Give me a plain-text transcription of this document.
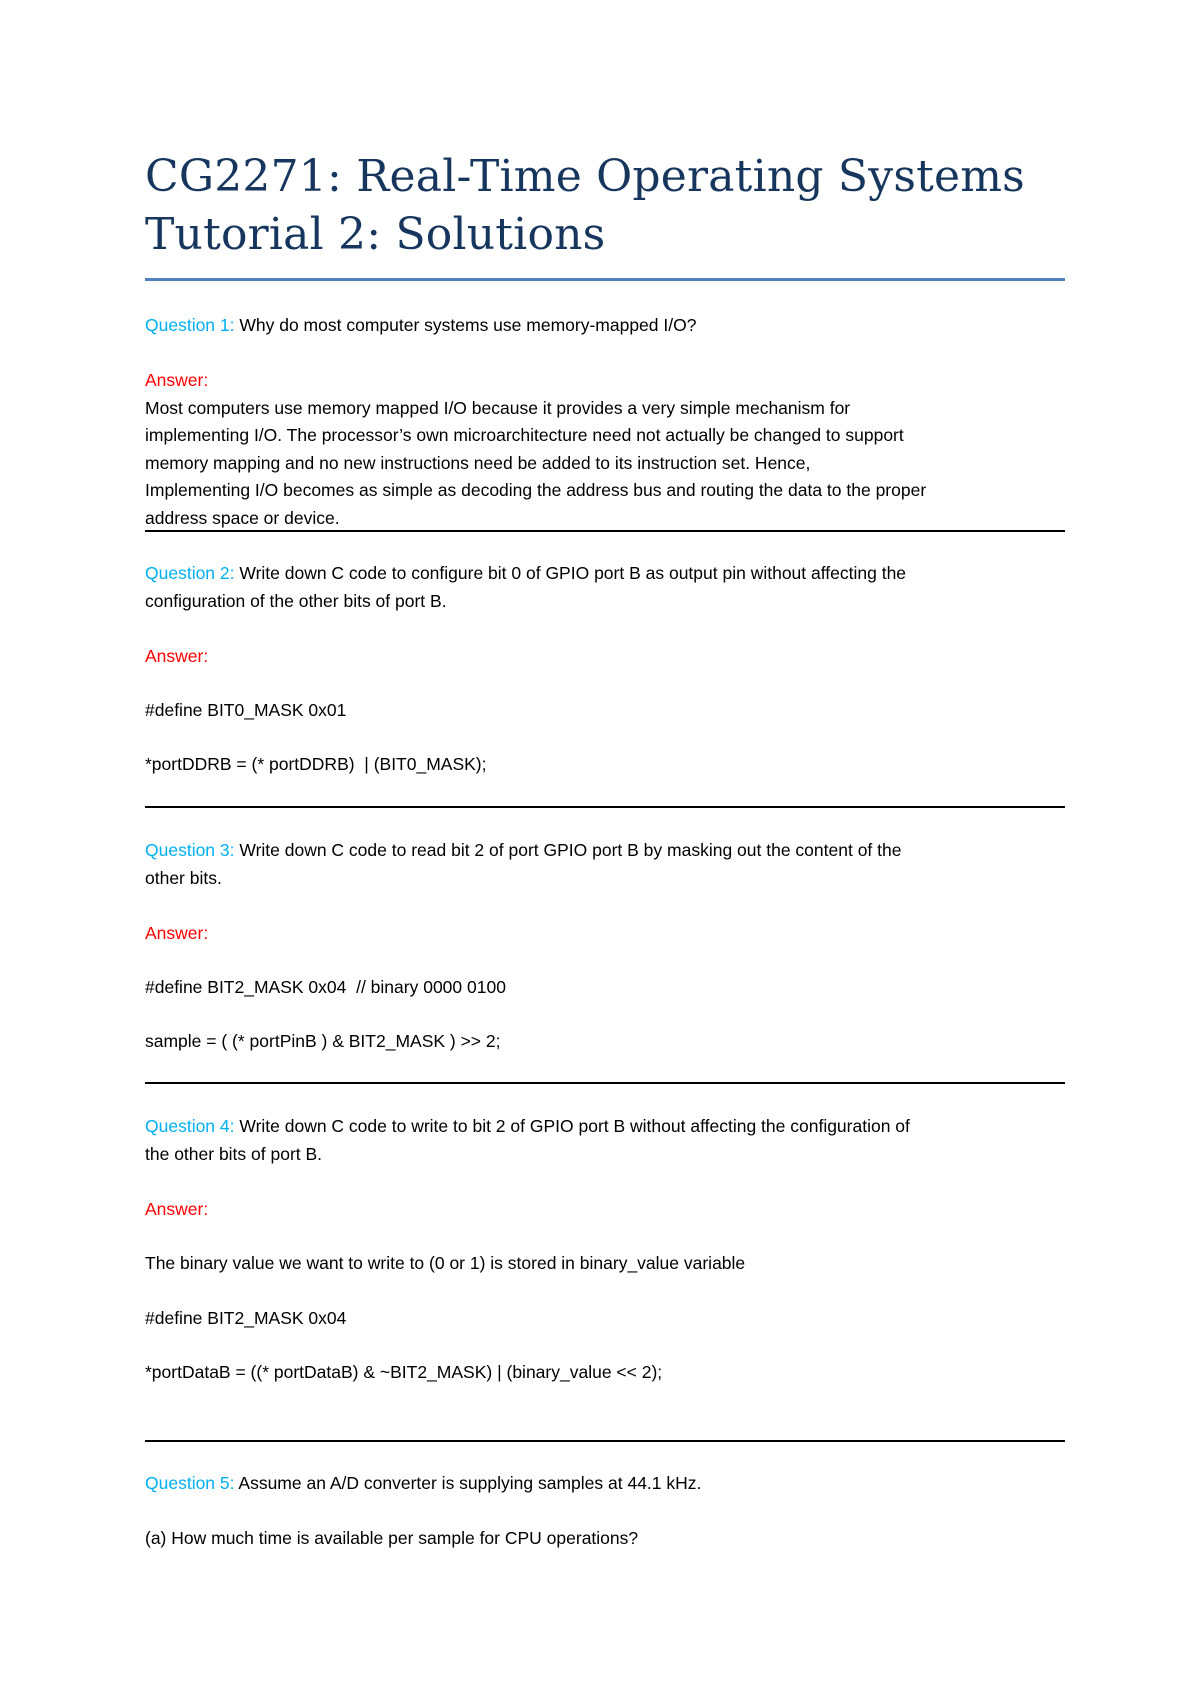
CG2271: Real-Time Operating Systems
Tutorial 2: Solutions

Question 1: Why do most computer systems use memory-mapped I/O?

Answer:

Most computers use memory mapped I/O because it provides a very simple mechanism for

implementing I/O. The processor’s own microarchitecture need not actually be changed to support

memory mapping and no new instructions need be added to its instruction set. Hence,

Implementing I/O becomes as simple as decoding the address bus and routing the data to the proper

address space or device.

Question 2: Write down C code to configure bit 0 of GPIO port B as output pin without affecting the

configuration of the other bits of port B.

Answer:

#define BIT0_MASK 0x01

*portDDRB = (* portDDRB)  | (BIT0_MASK);

Question 3: Write down C code to read bit 2 of port GPIO port B by masking out the content of the

other bits.

Answer:

#define BIT2_MASK 0x04  // binary 0000 0100

sample = ( (* portPinB ) & BIT2_MASK ) >> 2;

Question 4: Write down C code to write to bit 2 of GPIO port B without affecting the configuration of

the other bits of port B.

Answer:

The binary value we want to write to (0 or 1) is stored in binary_value variable

#define BIT2_MASK 0x04

*portDataB = ((* portDataB) & ~BIT2_MASK) | (binary_value << 2);

Question 5: Assume an A/D converter is supplying samples at 44.1 kHz.

(a) How much time is available per sample for CPU operations?
